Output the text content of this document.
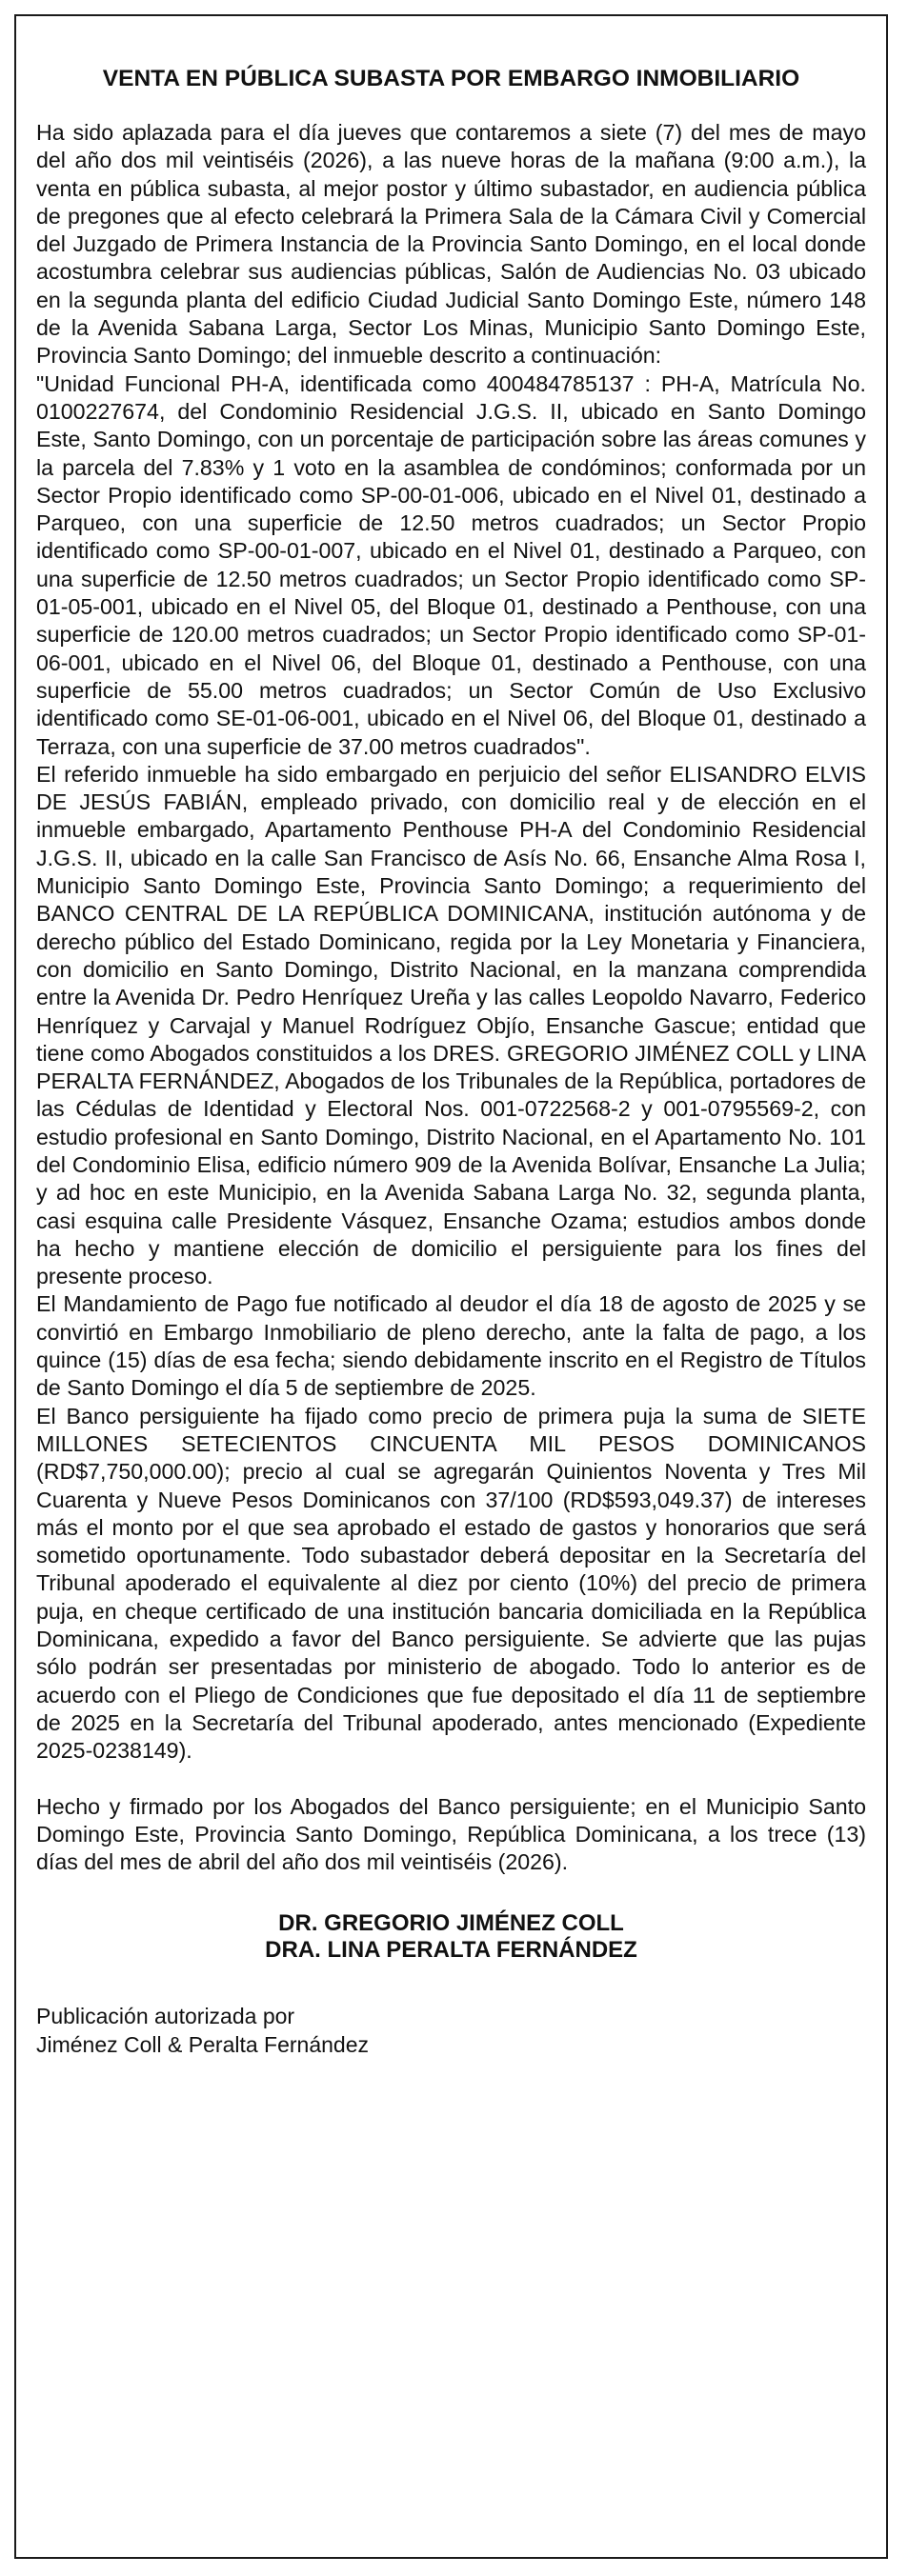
VENTA EN PÚBLICA SUBASTA POR EMBARGO INMOBILIARIO

Ha sido aplazada para el día jueves que contaremos a siete (7) del mes de mayo del año dos mil veintiséis (2026), a las nueve horas de la mañana (9:00 a.m.), la venta en pública subasta, al mejor postor y último subastador, en audiencia pública de pregones que al efecto celebrará la Primera Sala de la Cámara Civil y Comercial del Juzgado de Primera Instancia de la Provincia Santo Domingo, en el local donde acostumbra celebrar sus audiencias públicas, Salón de Audiencias No. 03 ubicado en la segunda planta del edificio Ciudad Judicial Santo Domingo Este, número 148 de la Avenida Sabana Larga, Sector Los Minas, Municipio Santo Domingo Este, Provincia Santo Domingo; del inmueble descrito a continuación:

"Unidad Funcional PH-A, identificada como 400484785137 : PH-A, Matrícula No. 0100227674, del Condominio Residencial J.G.S. II, ubicado en Santo Domingo Este, Santo Domingo, con un porcentaje de participación sobre las áreas comunes y la parcela del 7.83% y 1 voto en la asamblea de condóminos; conformada por un Sector Propio identificado como SP-00-01-006, ubicado en el Nivel 01, destinado a Parqueo, con una superficie de 12.50 metros cuadrados; un Sector Propio identificado como SP-00-01-007, ubicado en el Nivel 01, destinado a Parqueo, con una superficie de 12.50 metros cuadrados; un Sector Propio identificado como SP-01-05-001, ubicado en el Nivel 05, del Bloque 01, destinado a Penthouse, con una superficie de 120.00 metros cuadrados; un Sector Propio identificado como SP-01-06-001, ubicado en el Nivel 06, del Bloque 01, destinado a Penthouse, con una superficie de 55.00 metros cuadrados; un Sector Común de Uso Exclusivo identificado como SE-01-06-001, ubicado en el Nivel 06, del Bloque 01, destinado a Terraza, con una superficie de 37.00 metros cuadrados".

El referido inmueble ha sido embargado en perjuicio del señor ELISANDRO ELVIS DE JESÚS FABIÁN, empleado privado, con domicilio real y de elección en el inmueble embargado, Apartamento Penthouse PH-A del Condominio Residencial J.G.S. II, ubicado en la calle San Francisco de Asís No. 66, Ensanche Alma Rosa I, Municipio Santo Domingo Este, Provincia Santo Domingo; a requerimiento del BANCO CENTRAL DE LA REPÚBLICA DOMINICANA, institución autónoma y de derecho público del Estado Dominicano, regida por la Ley Monetaria y Financiera, con domicilio en Santo Domingo, Distrito Nacional, en la manzana comprendida entre la Avenida Dr. Pedro Henríquez Ureña y las calles Leopoldo Navarro, Federico Henríquez y Carvajal y Manuel Rodríguez Objío, Ensanche Gascue; entidad que tiene como Abogados constituidos a los DRES. GREGORIO JIMÉNEZ COLL y LINA PERALTA FERNÁNDEZ, Abogados de los Tribunales de la República, portadores de las Cédulas de Identidad y Electoral Nos. 001-0722568-2 y 001-0795569-2, con estudio profesional en Santo Domingo, Distrito Nacional, en el Apartamento No. 101 del Condominio Elisa, edificio número 909 de la Avenida Bolívar, Ensanche La Julia; y ad hoc en este Municipio, en la Avenida Sabana Larga No. 32, segunda planta, casi esquina calle Presidente Vásquez, Ensanche Ozama; estudios ambos donde ha hecho y mantiene elección de domicilio el persiguiente para los fines del presente proceso.

El Mandamiento de Pago fue notificado al deudor el día 18 de agosto de 2025 y se convirtió en Embargo Inmobiliario de pleno derecho, ante la falta de pago, a los quince (15) días de esa fecha; siendo debidamente inscrito en el Registro de Títulos de Santo Domingo el día 5 de septiembre de 2025.

El Banco persiguiente ha fijado como precio de primera puja la suma de SIETE MILLONES SETECIENTOS CINCUENTA MIL PESOS DOMINICANOS (RD$7,750,000.00); precio al cual se agregarán Quinientos Noventa y Tres Mil Cuarenta y Nueve Pesos Dominicanos con 37/100 (RD$593,049.37) de intereses más el monto por el que sea aprobado el estado de gastos y honorarios que será sometido oportunamente. Todo subastador deberá depositar en la Secretaría del Tribunal apoderado el equivalente al diez por ciento (10%) del precio de primera puja, en cheque certificado de una institución bancaria domiciliada en la República Dominicana, expedido a favor del Banco persiguiente. Se advierte que las pujas sólo podrán ser presentadas por ministerio de abogado. Todo lo anterior es de acuerdo con el Pliego de Condiciones que fue depositado el día 11 de septiembre de 2025 en la Secretaría del Tribunal apoderado, antes mencionado (Expediente 2025-0238149).

Hecho y firmado por los Abogados del Banco persiguiente; en el Municipio Santo Domingo Este, Provincia Santo Domingo, República Dominicana, a los trece (13) días del mes de abril del año dos mil veintiséis (2026).

DR. GREGORIO JIMÉNEZ COLL
DRA. LINA PERALTA FERNÁNDEZ
Publicación autorizada por
Jiménez Coll & Peralta Fernández
